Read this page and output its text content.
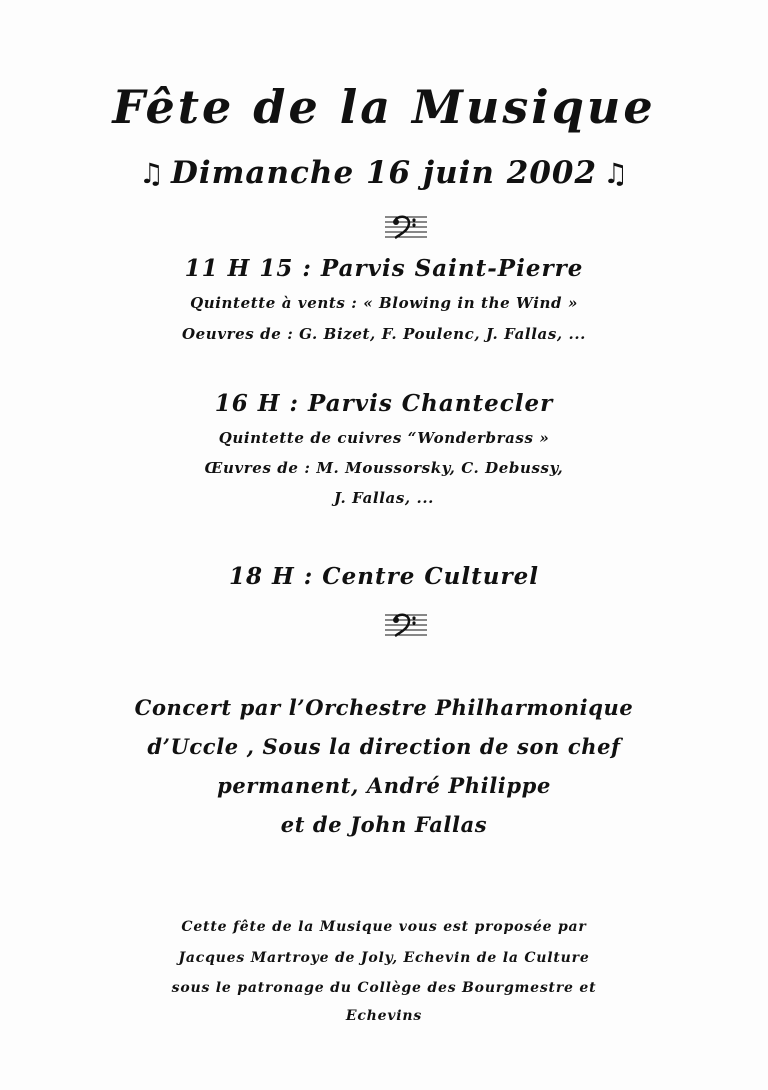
Fête de la Musique
♫ Dimanche 16 juin 2002 ♫
11 H 15 : Parvis Saint-Pierre
Quintette à vents : « Blowing in the Wind »
Oeuvres de : G. Bizet, F. Poulenc, J. Fallas, ...
16 H : Parvis Chantecler
Quintette de cuivres “Wonderbrass »
Œuvres de : M. Moussorsky, C. Debussy,
J. Fallas, ...
18 H : Centre Culturel
Concert par l’Orchestre Philharmonique
d’Uccle , Sous la direction de son chef
permanent, André Philippe
et de John Fallas
Cette fête de la Musique vous est proposée par
Jacques Martroye de Joly, Echevin de la Culture
sous le patronage du Collège des Bourgmestre et
Echevins
